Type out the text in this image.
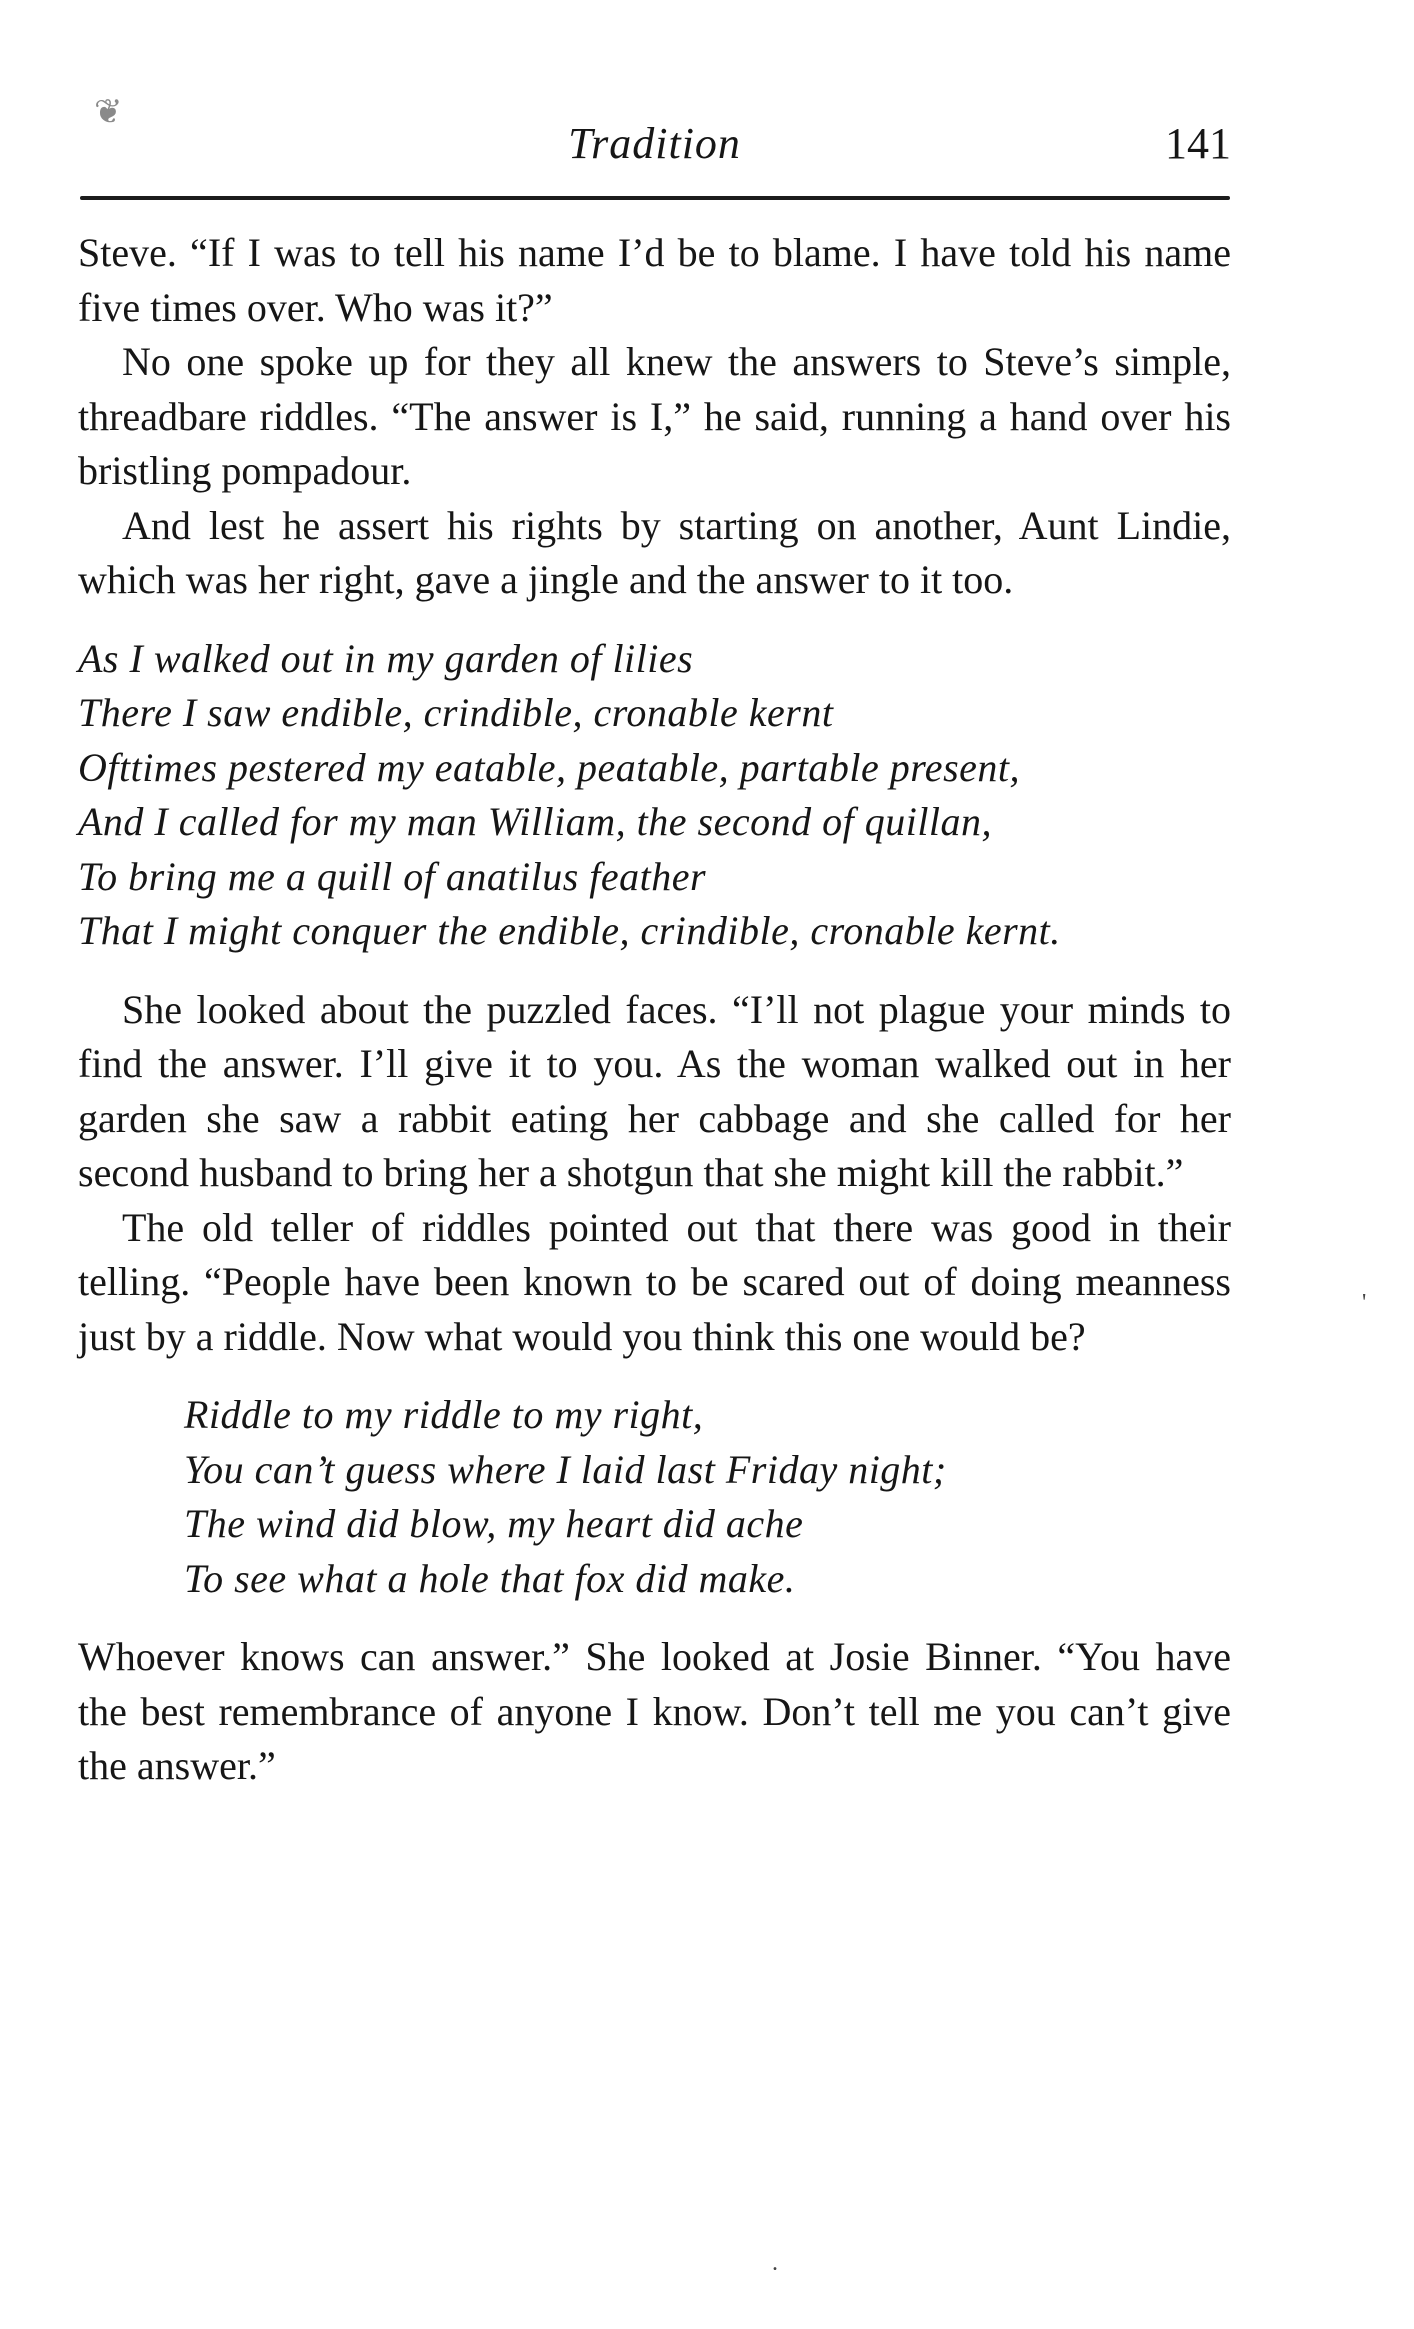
❦
Tradition	141

Steve. “If I was to tell his name I’d be to blame. I have told his name five times over. Who was it?”

No one spoke up for they all knew the answers to Steve’s simple, threadbare riddles. “The answer is I,” he said, running a hand over his bristling pompadour.

And lest he assert his rights by starting on another, Aunt Lindie, which was her right, gave a jingle and the answer to it too.

As I walked out in my garden of lilies
There I saw endible, crindible, cronable kernt
Ofttimes pestered my eatable, peatable, partable present,
And I called for my man William, the second of quillan,
To bring me a quill of anatilus feather
That I might conquer the endible, crindible, cronable kernt.

She looked about the puzzled faces. “I’ll not plague your minds to find the answer. I’ll give it to you. As the woman walked out in her garden she saw a rabbit eating her cabbage and she called for her second husband to bring her a shotgun that she might kill the rabbit.”

The old teller of riddles pointed out that there was good in their telling. “People have been known to be scared out of doing meanness just by a riddle. Now what would you think this one would be?

Riddle to my riddle to my right,
You can’t guess where I laid last Friday night;
The wind did blow, my heart did ache
To see what a hole that fox did make.

Whoever knows can answer.” She looked at Josie Binner. “You have the best remembrance of anyone I know. Don’t tell me you can’t give the answer.”

'
.
